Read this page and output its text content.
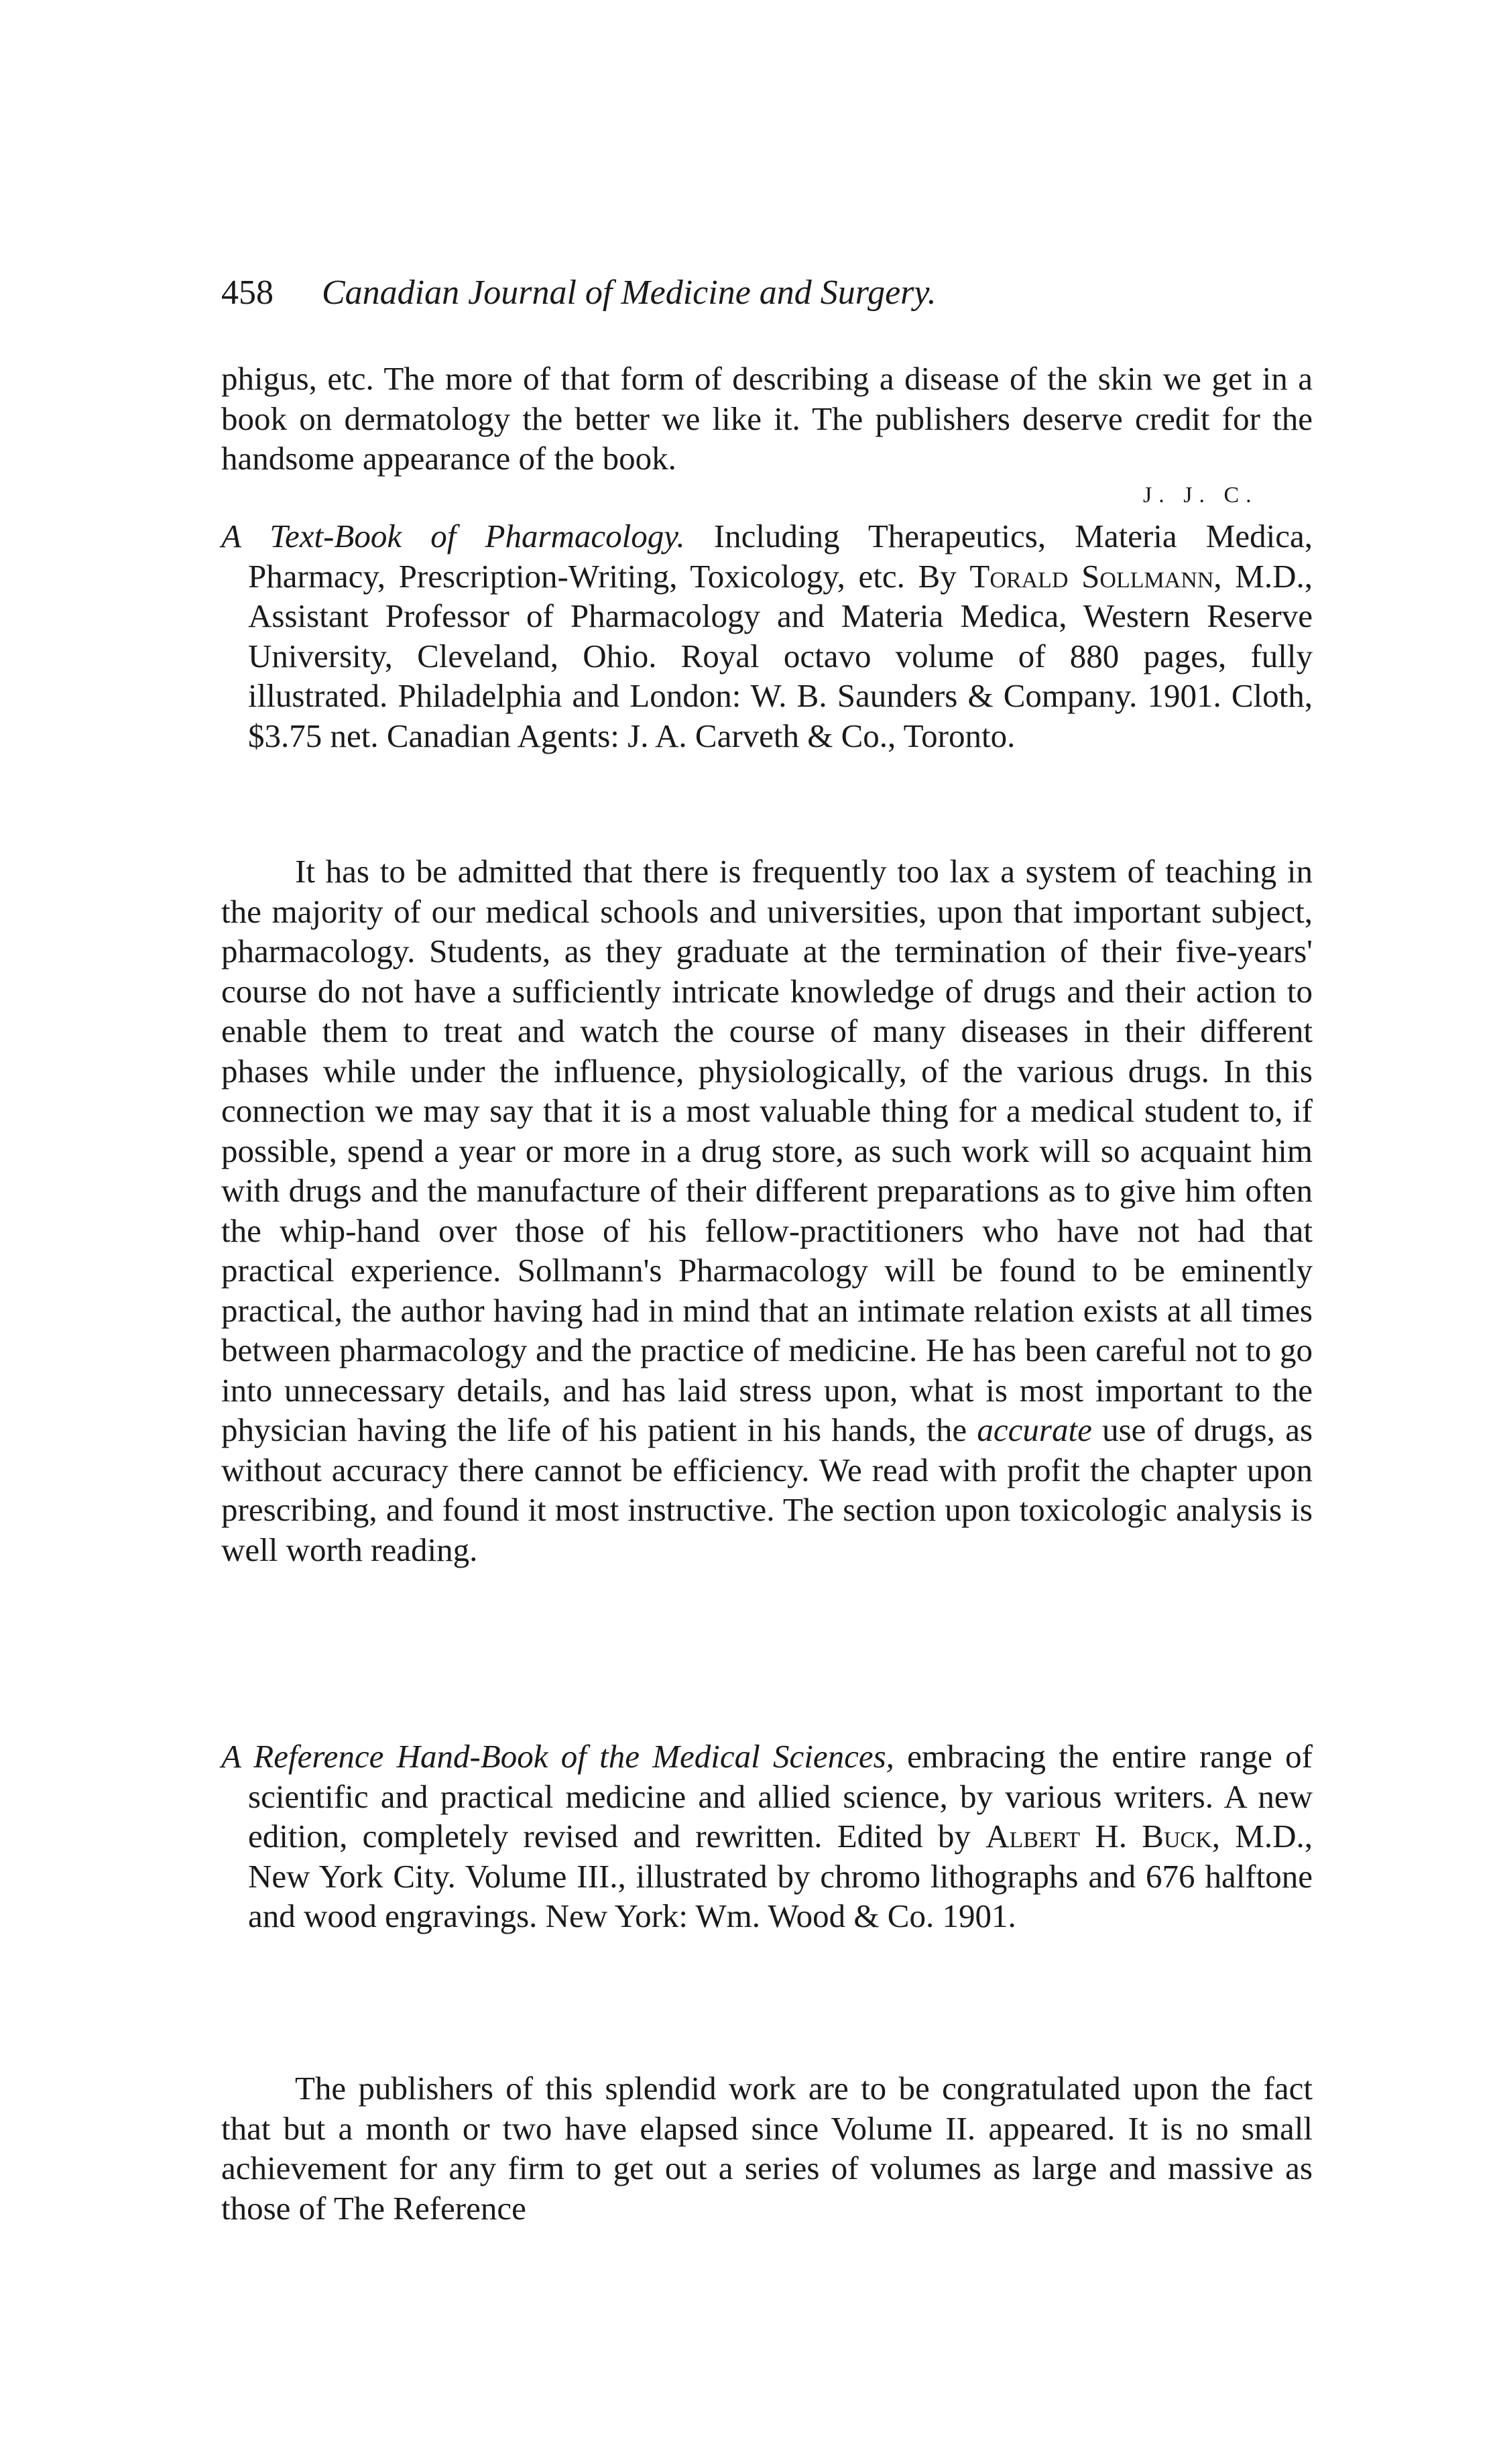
458 Canadian Journal of Medicine and Surgery.

phigus, etc. The more of that form of describing a disease of the skin we get in a book on dermatology the better we like it. The publishers deserve credit for the handsome appearance of the book.

J. J. C.

A Text-Book of Pharmacology. Including Therapeutics, Materia Medica, Pharmacy, Prescription-Writing, Toxicology, etc. By Torald Sollmann, M.D., Assistant Professor of Pharmacology and Materia Medica, Western Reserve University, Cleveland, Ohio. Royal octavo volume of 880 pages, fully illustrated. Philadelphia and London: W. B. Saunders & Company. 1901. Cloth, $3.75 net. Canadian Agents: J. A. Carveth & Co., Toronto.

It has to be admitted that there is frequently too lax a system of teaching in the majority of our medical schools and universities, upon that important subject, pharmacology. Students, as they graduate at the termination of their five-years' course do not have a sufficiently intricate knowledge of drugs and their action to enable them to treat and watch the course of many diseases in their different phases while under the influence, physiologically, of the various drugs. In this connection we may say that it is a most valuable thing for a medical student to, if possible, spend a year or more in a drug store, as such work will so acquaint him with drugs and the manufacture of their different preparations as to give him often the whip-hand over those of his fellow-practitioners who have not had that practical experience. Sollmann's Pharmacology will be found to be eminently practical, the author having had in mind that an intimate relation exists at all times between pharmacology and the practice of medicine. He has been careful not to go into unnecessary details, and has laid stress upon, what is most important to the physician having the life of his patient in his hands, the accurate use of drugs, as without accuracy there cannot be efficiency. We read with profit the chapter upon prescribing, and found it most instructive. The section upon toxicologic analysis is well worth reading.

A Reference Hand-Book of the Medical Sciences, embracing the entire range of scientific and practical medicine and allied science, by various writers. A new edition, completely revised and rewritten. Edited by Albert H. Buck, M.D., New York City. Volume III., illustrated by chromo lithographs and 676 halftone and wood engravings. New York: Wm. Wood & Co. 1901.

The publishers of this splendid work are to be congratulated upon the fact that but a month or two have elapsed since Volume II. appeared. It is no small achievement for any firm to get out a series of volumes as large and massive as those of The Reference
